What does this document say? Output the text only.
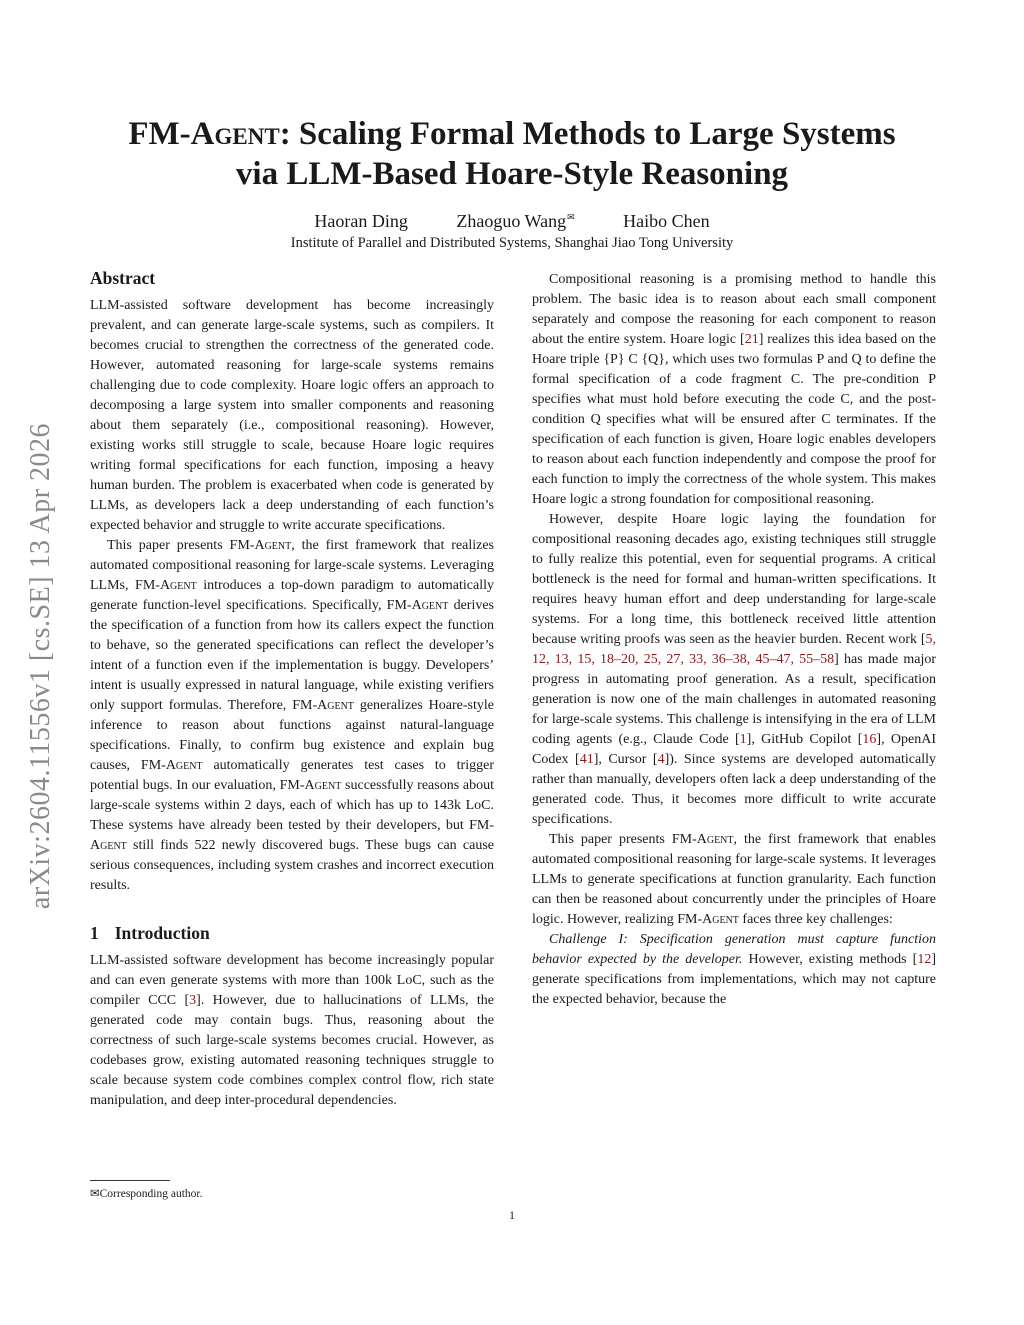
arXiv:2604.11556v1 [cs.SE] 13 Apr 2026
FM-Agent: Scaling Formal Methods to Large Systems
via LLM-Based Hoare-Style Reasoning
Haoran Ding	Zhaoguo Wang✉	Haibo Chen
Institute of Parallel and Distributed Systems, Shanghai Jiao Tong University
Abstract

LLM-assisted software development has become increasingly prevalent, and can generate large-scale systems, such as compilers. It becomes crucial to strengthen the correctness of the generated code. However, automated reasoning for large-scale systems remains challenging due to code complexity. Hoare logic offers an approach to decomposing a large system into smaller components and reasoning about them separately (i.e., compositional reasoning). However, existing works still struggle to scale, because Hoare logic requires writing formal specifications for each function, imposing a heavy human burden. The problem is exacerbated when code is generated by LLMs, as developers lack a deep understanding of each function’s expected behavior and struggle to write accurate specifications.

This paper presents FM-Agent, the first framework that realizes automated compositional reasoning for large-scale systems. Leveraging LLMs, FM-Agent introduces a top-down paradigm to automatically generate function-level specifications. Specifically, FM-Agent derives the specification of a function from how its callers expect the function to behave, so the generated specifications can reflect the developer’s intent of a function even if the implementation is buggy. Developers’ intent is usually expressed in natural language, while existing verifiers only support formulas. Therefore, FM-Agent generalizes Hoare-style inference to reason about functions against natural-language specifications. Finally, to confirm bug existence and explain bug causes, FM-Agent automatically generates test cases to trigger potential bugs. In our evaluation, FM-Agent successfully reasons about large-scale systems within 2 days, each of which has up to 143k LoC. These systems have already been tested by their developers, but FM-Agent still finds 522 newly discovered bugs. These bugs can cause serious consequences, including system crashes and incorrect execution results.

1 Introduction

LLM-assisted software development has become increasingly popular and can even generate systems with more than 100k LoC, such as the compiler CCC [3]. However, due to hallucinations of LLMs, the generated code may contain bugs. Thus, reasoning about the correctness of such large-scale systems becomes crucial. However, as codebases grow, existing automated reasoning techniques struggle to scale because system code combines complex control flow, rich state manipulation, and deep inter-procedural dependencies.

Compositional reasoning is a promising method to handle this problem. The basic idea is to reason about each small component separately and compose the reasoning for each component to reason about the entire system. Hoare logic [21] realizes this idea based on the Hoare triple {P} C {Q}, which uses two formulas P and Q to define the formal specification of a code fragment C. The pre-condition P specifies what must hold before executing the code C, and the post-condition Q specifies what will be ensured after C terminates. If the specification of each function is given, Hoare logic enables developers to reason about each function independently and compose the proof for each function to imply the correctness of the whole system. This makes Hoare logic a strong foundation for compositional reasoning.

However, despite Hoare logic laying the foundation for compositional reasoning decades ago, existing techniques still struggle to fully realize this potential, even for sequential programs. A critical bottleneck is the need for formal and human-written specifications. It requires heavy human effort and deep understanding for large-scale systems. For a long time, this bottleneck received little attention because writing proofs was seen as the heavier burden. Recent work [5, 12, 13, 15, 18–20, 25, 27, 33, 36–38, 45–47, 55–58] has made major progress in automating proof generation. As a result, specification generation is now one of the main challenges in automated reasoning for large-scale systems. This challenge is intensifying in the era of LLM coding agents (e.g., Claude Code [1], GitHub Copilot [16], OpenAI Codex [41], Cursor [4]). Since systems are developed automatically rather than manually, developers often lack a deep understanding of the generated code. Thus, it becomes more difficult to write accurate specifications.

This paper presents FM-Agent, the first framework that enables automated compositional reasoning for large-scale systems. It leverages LLMs to generate specifications at function granularity. Each function can then be reasoned about concurrently under the principles of Hoare logic. However, realizing FM-Agent faces three key challenges:

Challenge I: Specification generation must capture function behavior expected by the developer. However, existing methods [12] generate specifications from implementations, which may not capture the expected behavior, because the

✉Corresponding author.
1
